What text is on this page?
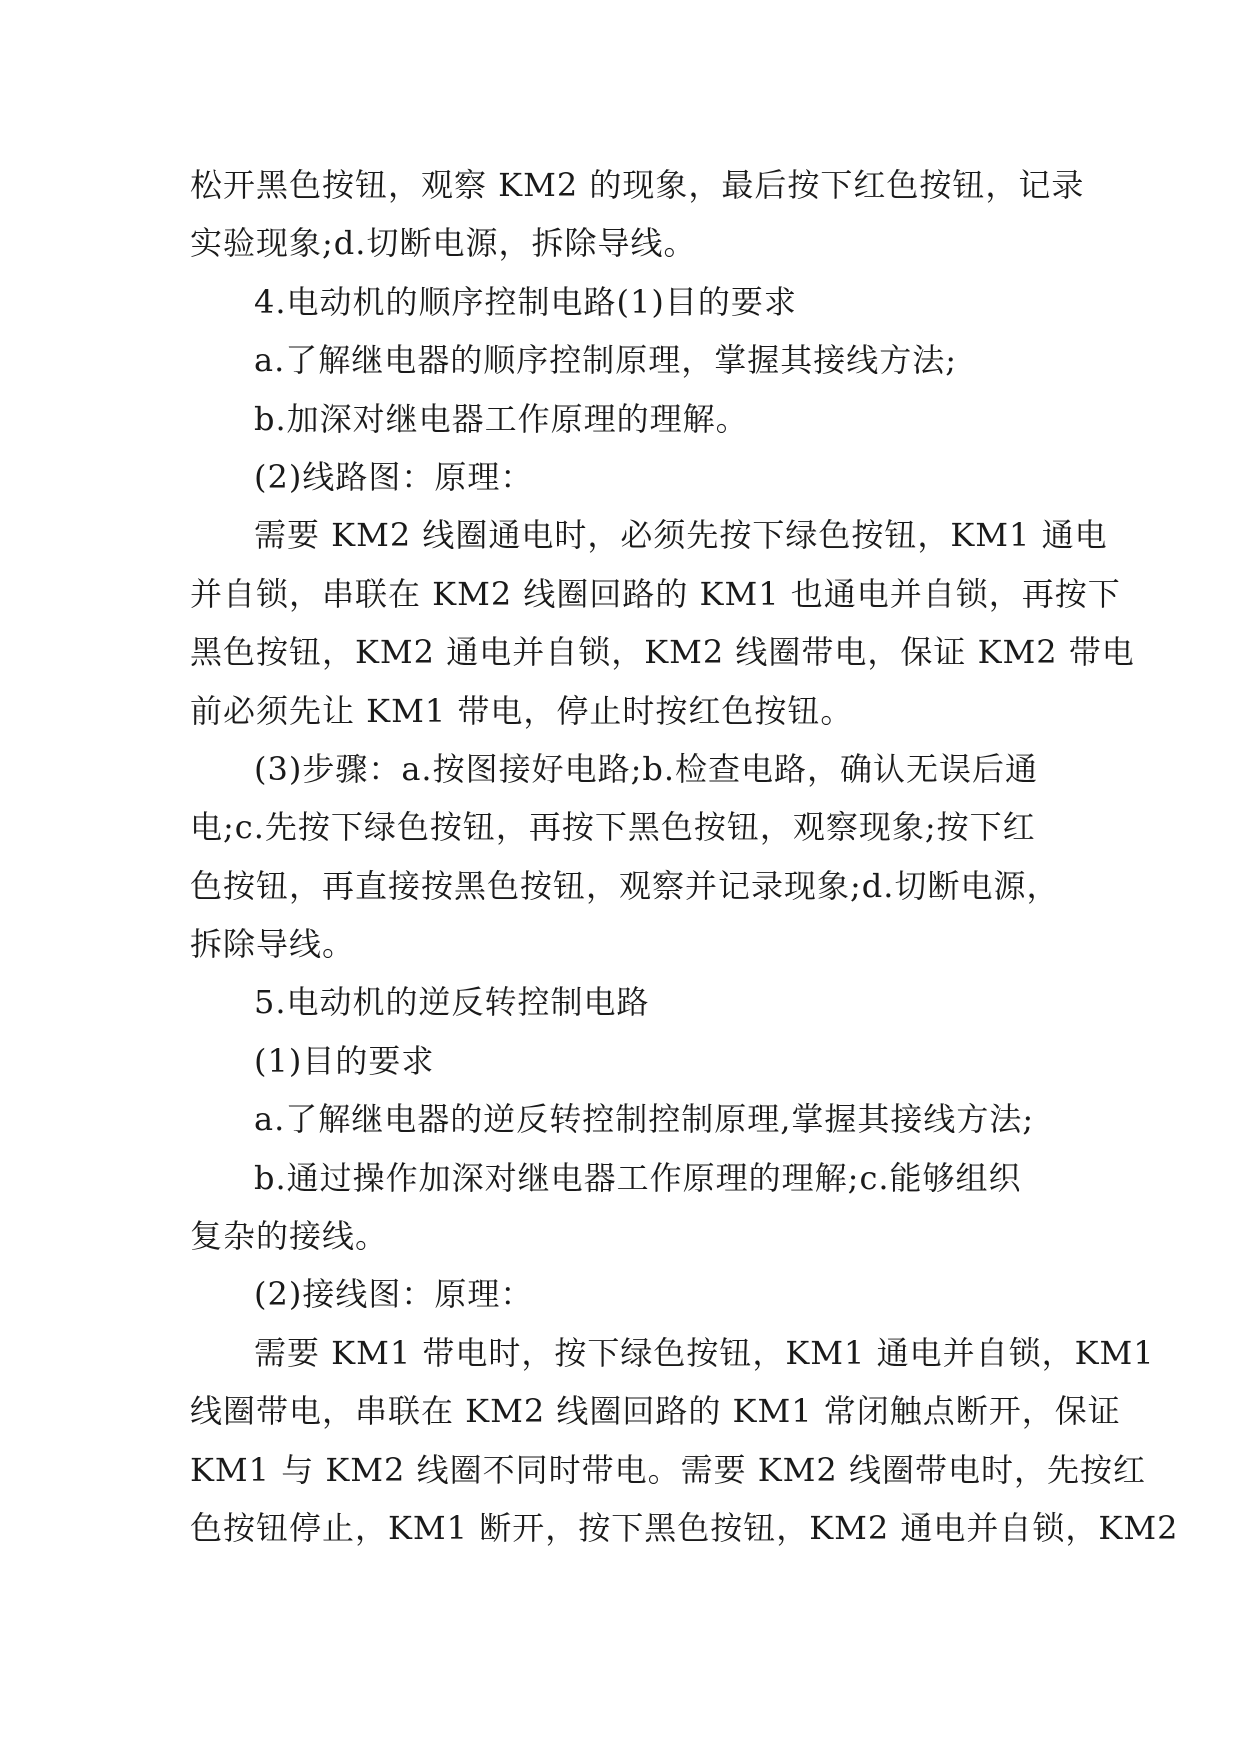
松开黑色按钮，观察 KM2 的现象，最后按下红色按钮，记录
实验现象;d.切断电源，拆除导线。
4.电动机的顺序控制电路(1)目的要求
a.了解继电器的顺序控制原理，掌握其接线方法;
b.加深对继电器工作原理的理解。
(2)线路图：原理：
需要 KM2 线圈通电时，必须先按下绿色按钮，KM1 通电
并自锁，串联在 KM2 线圈回路的 KM1 也通电并自锁，再按下
黑色按钮，KM2 通电并自锁，KM2 线圈带电，保证 KM2 带电
前必须先让 KM1 带电，停止时按红色按钮。
(3)步骤：a.按图接好电路;b.检查电路，确认无误后通
电;c.先按下绿色按钮，再按下黑色按钮，观察现象;按下红
色按钮，再直接按黑色按钮，观察并记录现象;d.切断电源，
拆除导线。
5.电动机的逆反转控制电路
(1)目的要求
a.了解继电器的逆反转控制控制原理,掌握其接线方法;
b.通过操作加深对继电器工作原理的理解;c.能够组织
复杂的接线。
(2)接线图：原理：
需要 KM1 带电时，按下绿色按钮，KM1 通电并自锁，KM1
线圈带电，串联在 KM2 线圈回路的 KM1 常闭触点断开，保证
KM1 与 KM2 线圈不同时带电。需要 KM2 线圈带电时，先按红
色按钮停止，KM1 断开，按下黑色按钮，KM2 通电并自锁，KM2
